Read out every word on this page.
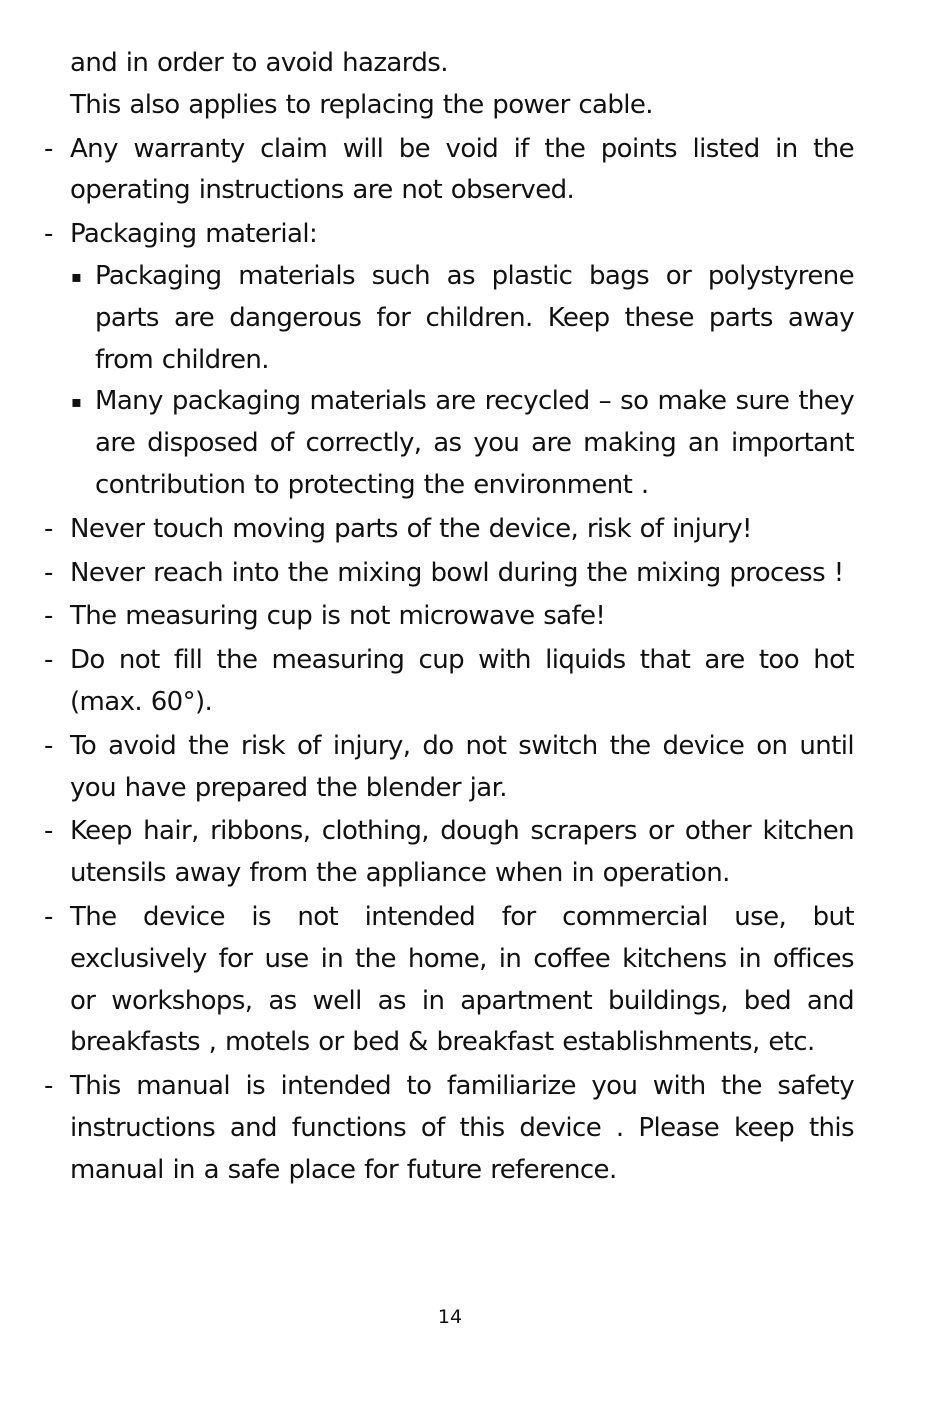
and in order to avoid hazards.
This also applies to replacing the power cable.
- Any warranty claim will be void if the points listed in the operating instructions are not observed.
- Packaging material:
▪ Packaging materials such as plastic bags or polystyrene parts are dangerous for children. Keep these parts away from children.
▪ Many packaging materials are recycled – so make sure they are disposed of correctly, as you are making an important contribution to protecting the environment .
- Never touch moving parts of the device, risk of injury!
- Never reach into the mixing bowl during the mixing process !
- The measuring cup is not microwave safe!
- Do not fill the measuring cup with liquids that are too hot (max. 60°).
- To avoid the risk of injury, do not switch the device on until you have prepared the blender jar.
- Keep hair, ribbons, clothing, dough scrapers or other kitchen utensils away from the appliance when in operation.
- The device is not intended for commercial use, but exclusively for use in the home, in coffee kitchens in offices or workshops, as well as in apartment buildings, bed and breakfasts , motels or bed & breakfast establishments, etc.
- This manual is intended to familiarize you with the safety instructions and functions of this device . Please keep this manual in a safe place for future reference.
14
